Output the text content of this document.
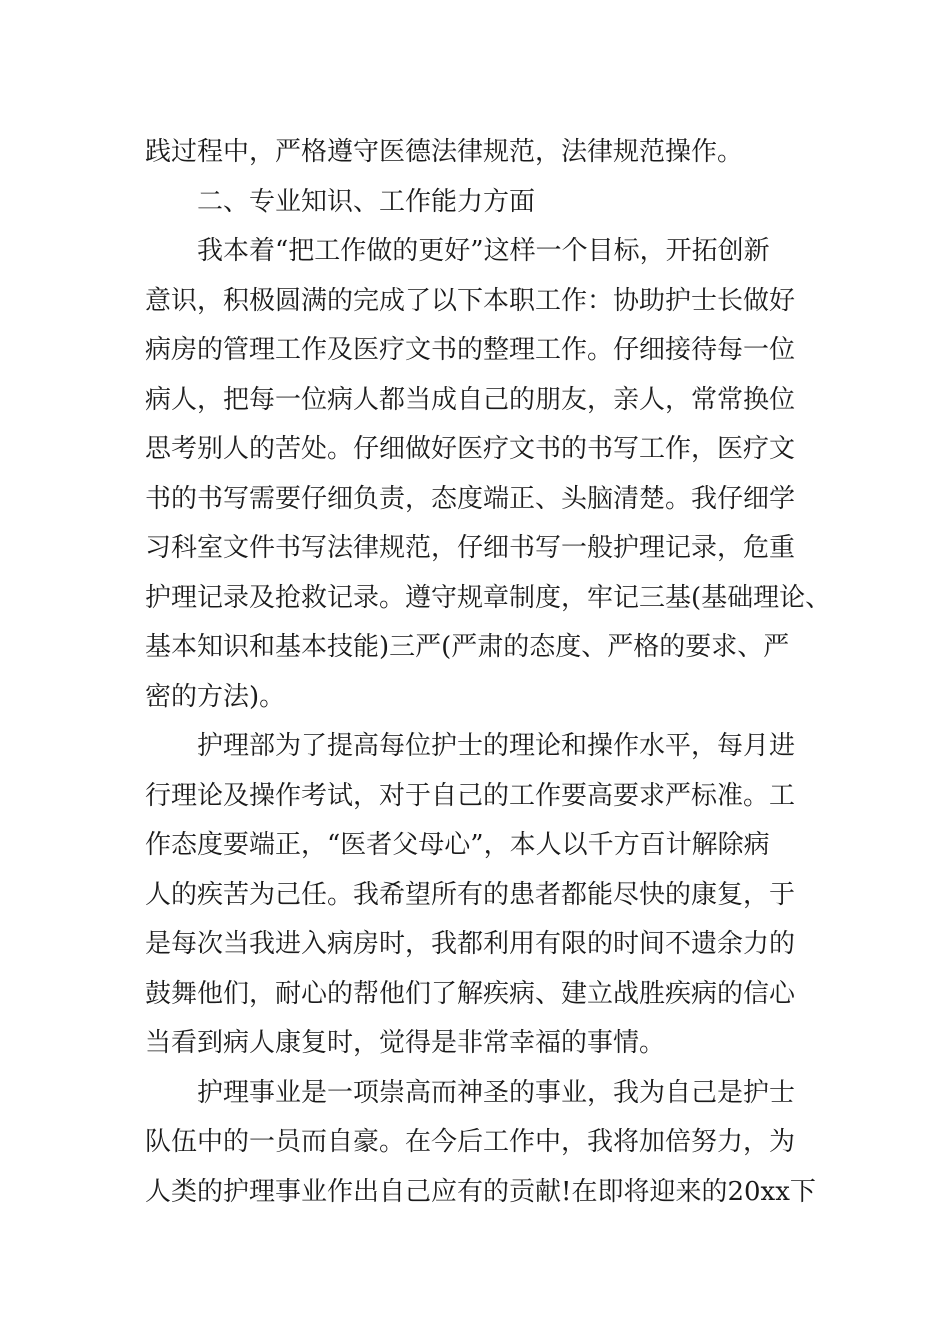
践过程中，严格遵守医德法律规范，法律规范操作。
二、专业知识、工作能力方面
我本着“把工作做的更好”这样一个目标，开拓创新
意识，积极圆满的完成了以下本职工作：协助护士长做好
病房的管理工作及医疗文书的整理工作。仔细接待每一位
病人，把每一位病人都当成自己的朋友，亲人，常常换位
思考别人的苦处。仔细做好医疗文书的书写工作，医疗文
书的书写需要仔细负责，态度端正、头脑清楚。我仔细学
习科室文件书写法律规范，仔细书写一般护理记录，危重
护理记录及抢救记录。遵守规章制度，牢记三基(基础理论、
基本知识和基本技能)三严(严肃的态度、严格的要求、严
密的方法)。
护理部为了提高每位护士的理论和操作水平，每月进
行理论及操作考试，对于自己的工作要高要求严标准。工
作态度要端正，“医者父母心”，本人以千方百计解除病
人的疾苦为己任。我希望所有的患者都能尽快的康复，于
是每次当我进入病房时，我都利用有限的时间不遗余力的
鼓舞他们，耐心的帮他们了解疾病、建立战胜疾病的信心
当看到病人康复时，觉得是非常幸福的事情。
护理事业是一项崇高而神圣的事业，我为自己是护士
队伍中的一员而自豪。在今后工作中，我将加倍努力，为
人类的护理事业作出自己应有的贡献!在即将迎来的20xx下
